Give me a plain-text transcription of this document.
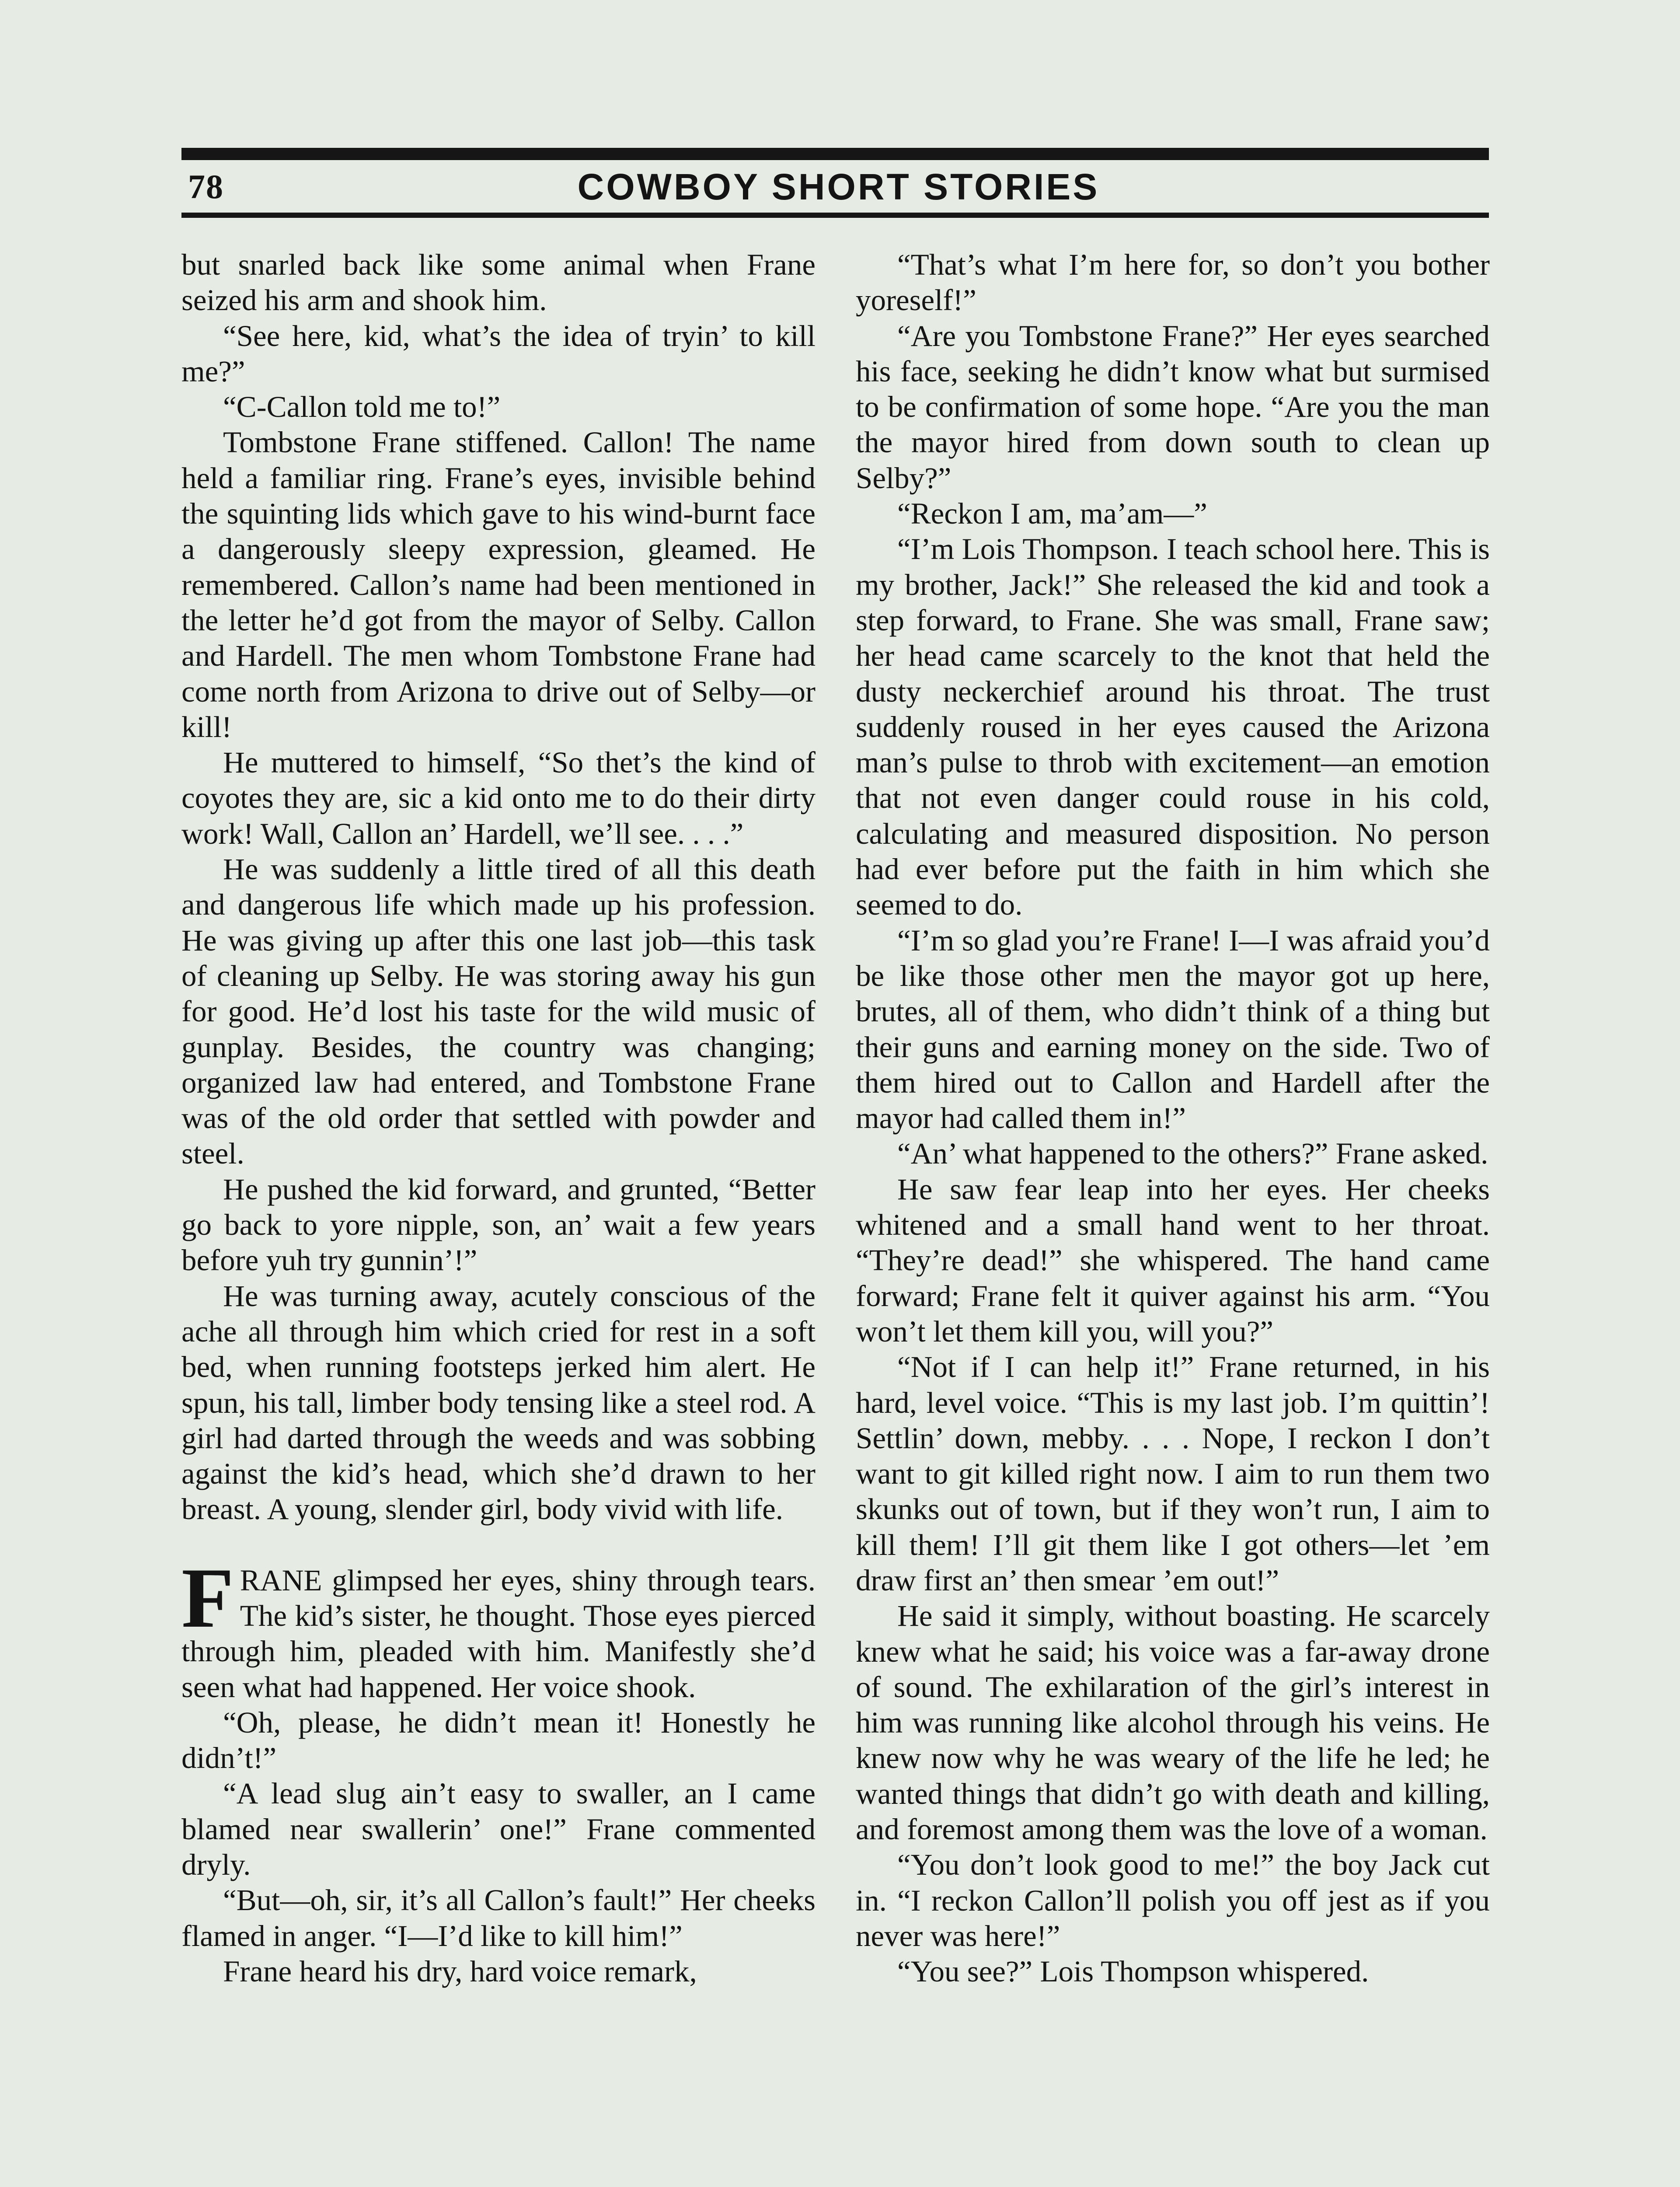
78	COWBOY SHORT STORIES

but snarled back like some animal when Frane seized his arm and shook him.

“See here, kid, what’s the idea of tryin’ to kill me?”

“C-Callon told me to!”

Tombstone Frane stiffened. Callon! The name held a familiar ring. Frane’s eyes, invisible behind the squinting lids which gave to his wind-burnt face a dangerously sleepy expression, gleamed. He remembered. Callon’s name had been mentioned in the letter he’d got from the mayor of Selby. Callon and Hardell. The men whom Tombstone Frane had come north from Arizona to drive out of Selby—or kill!

He muttered to himself, “So thet’s the kind of coyotes they are, sic a kid onto me to do their dirty work! Wall, Callon an’ Hardell, we’ll see. . . .”

He was suddenly a little tired of all this death and dangerous life which made up his profession. He was giving up after this one last job—this task of cleaning up Selby. He was storing away his gun for good. He’d lost his taste for the wild music of gunplay. Besides, the country was changing; organized law had entered, and Tombstone Frane was of the old order that settled with powder and steel.

He pushed the kid forward, and grunted, “Better go back to yore nipple, son, an’ wait a few years before yuh try gunnin’!”

He was turning away, acutely conscious of the ache all through him which cried for rest in a soft bed, when running footsteps jerked him alert. He spun, his tall, limber body tensing like a steel rod. A girl had darted through the weeds and was sobbing against the kid’s head, which she’d drawn to her breast. A young, slender girl, body vivid with life.

FRANE glimpsed her eyes, shiny through tears. The kid’s sister, he thought. Those eyes pierced through him, pleaded with him. Manifestly she’d seen what had happened. Her voice shook.

“Oh, please, he didn’t mean it! Honestly he didn’t!”

“A lead slug ain’t easy to swaller, an I came blamed near swallerin’ one!” Frane commented dryly.

“But—oh, sir, it’s all Callon’s fault!” Her cheeks flamed in anger. “I—I’d like to kill him!”

Frane heard his dry, hard voice remark,

“That’s what I’m here for, so don’t you bother yoreself!”

“Are you Tombstone Frane?” Her eyes searched his face, seeking he didn’t know what but surmised to be confirmation of some hope. “Are you the man the mayor hired from down south to clean up Selby?”

“Reckon I am, ma’am—”

“I’m Lois Thompson. I teach school here. This is my brother, Jack!” She released the kid and took a step forward, to Frane. She was small, Frane saw; her head came scarcely to the knot that held the dusty neckerchief around his throat. The trust suddenly roused in her eyes caused the Arizona man’s pulse to throb with excitement—an emotion that not even danger could rouse in his cold, calculating and measured disposition. No person had ever before put the faith in him which she seemed to do.

“I’m so glad you’re Frane! I—I was afraid you’d be like those other men the mayor got up here, brutes, all of them, who didn’t think of a thing but their guns and earning money on the side. Two of them hired out to Callon and Hardell after the mayor had called them in!”

“An’ what happened to the others?” Frane asked.

He saw fear leap into her eyes. Her cheeks whitened and a small hand went to her throat. “They’re dead!” she whispered. The hand came forward; Frane felt it quiver against his arm. “You won’t let them kill you, will you?”

“Not if I can help it!” Frane returned, in his hard, level voice. “This is my last job. I’m quittin’! Settlin’ down, mebby. . . . Nope, I reckon I don’t want to git killed right now. I aim to run them two skunks out of town, but if they won’t run, I aim to kill them! I’ll git them like I got others—let ’em draw first an’ then smear ’em out!”

He said it simply, without boasting. He scarcely knew what he said; his voice was a far-away drone of sound. The exhilaration of the girl’s interest in him was running like alcohol through his veins. He knew now why he was weary of the life he led; he wanted things that didn’t go with death and killing, and foremost among them was the love of a woman.

“You don’t look good to me!” the boy Jack cut in. “I reckon Callon’ll polish you off jest as if you never was here!”

“You see?” Lois Thompson whispered.
